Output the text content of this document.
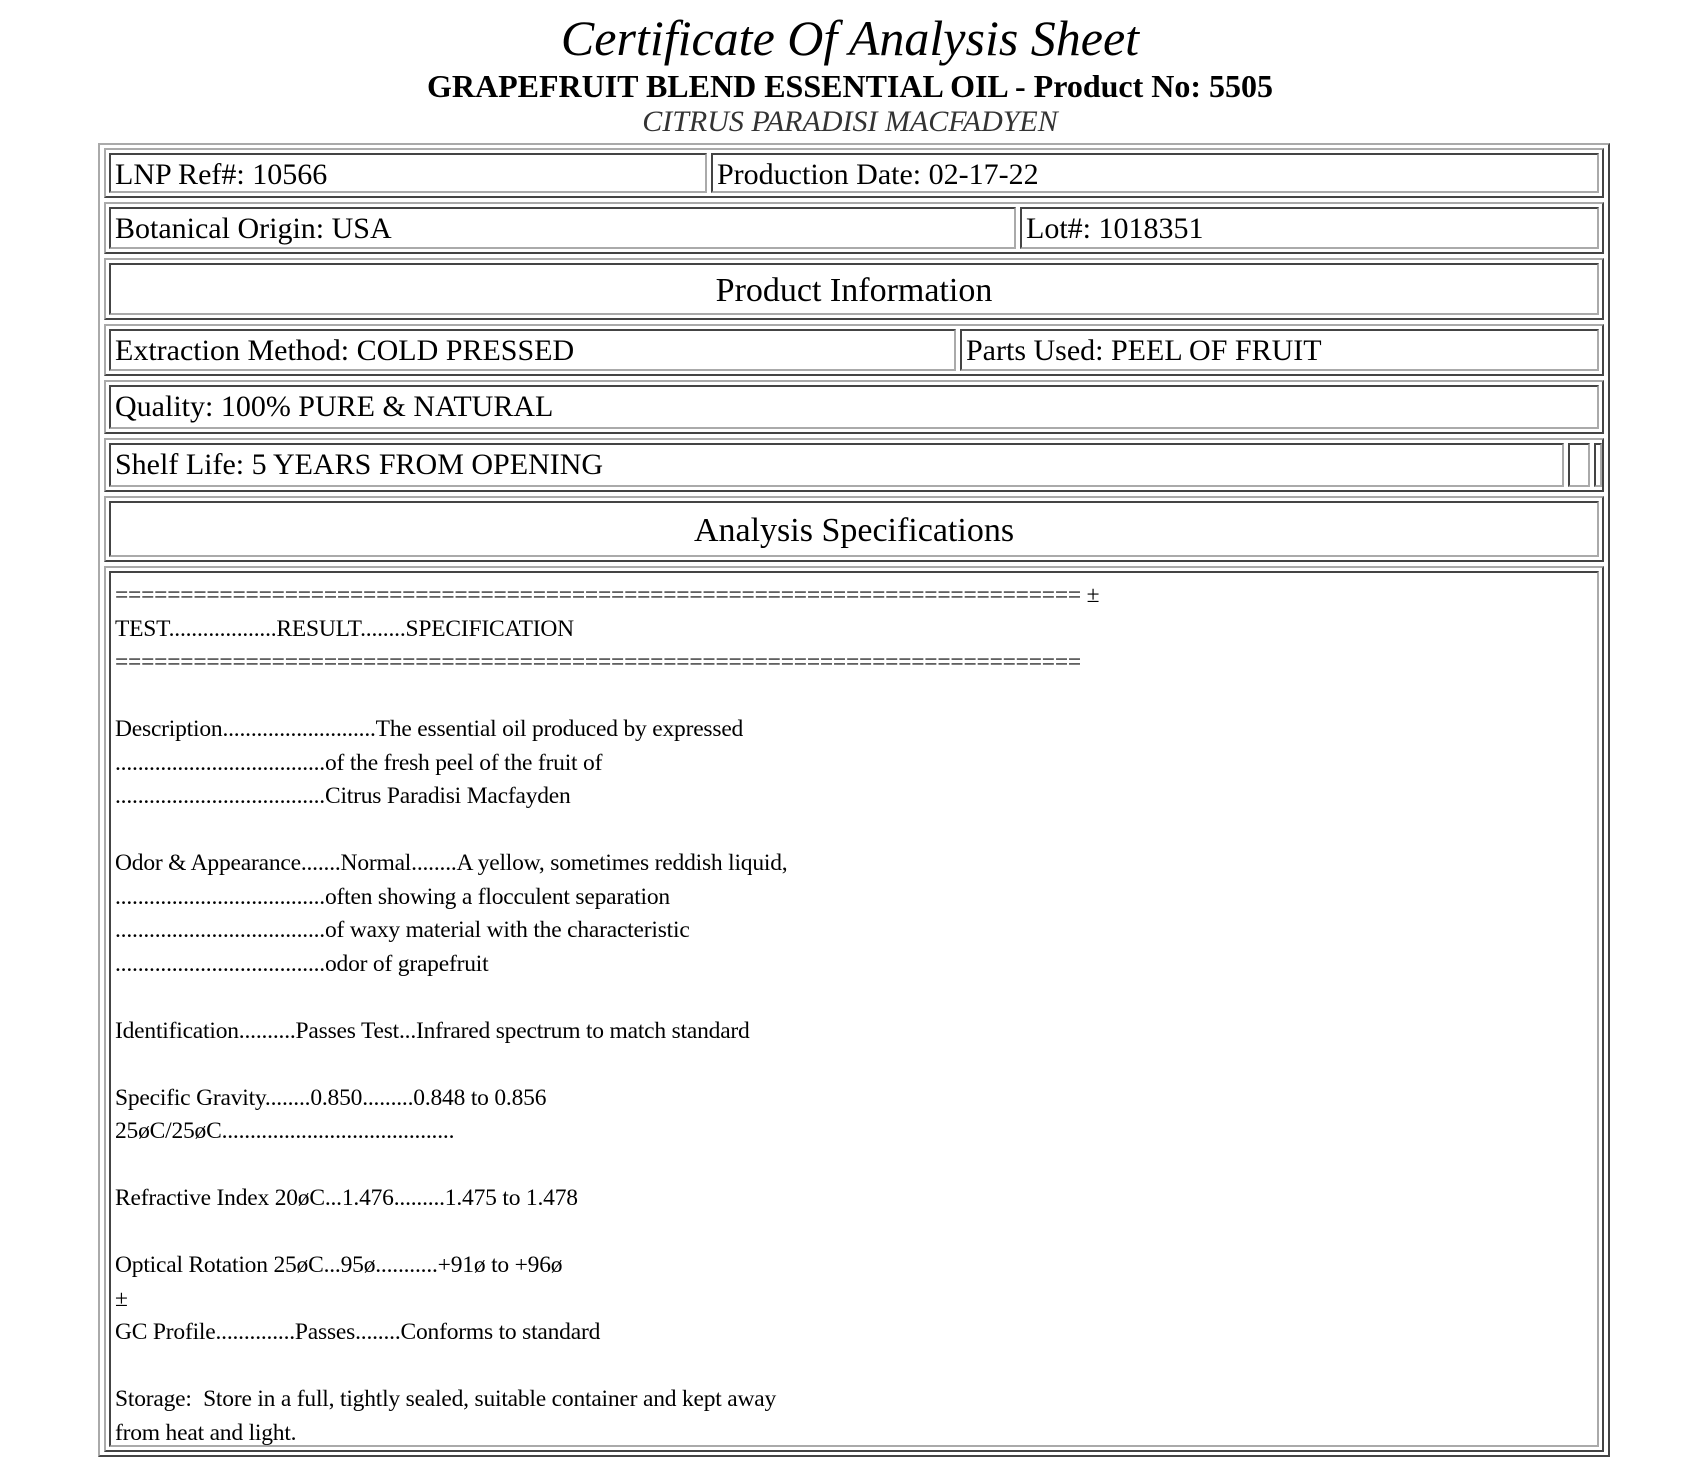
Certificate Of Analysis Sheet
GRAPEFRUIT BLEND ESSENTIAL OIL - Product No: 5505
CITRUS PARADISI MACFADYEN
LNP Ref#: 10566	Production Date: 02-17-22
Botanical Origin: USA	Lot#: 1018351
Product Information
Extraction Method: COLD PRESSED	Parts Used: PEEL OF FRUIT
Quality: 100% PURE & NATURAL
Shelf Life: 5 YEARS FROM OPENING
Analysis Specifications
========================================================================== ±
TEST...................RESULT........SPECIFICATION
==========================================================================
Description...........................The essential oil produced by expressed
.....................................of the fresh peel of the fruit of
.....................................Citrus Paradisi Macfayden
Odor & Appearance.......Normal........A yellow, sometimes reddish liquid,
.....................................often showing a flocculent separation
.....................................of waxy material with the characteristic
.....................................odor of grapefruit
Identification..........Passes Test...Infrared spectrum to match standard
Specific Gravity........0.850.........0.848 to 0.856
25øC/25øC.........................................
Refractive Index 20øC...1.476.........1.475 to 1.478
Optical Rotation 25øC...95ø...........+91ø to +96ø
±
GC Profile..............Passes........Conforms to standard
Storage:  Store in a full, tightly sealed, suitable container and kept away
from heat and light.
